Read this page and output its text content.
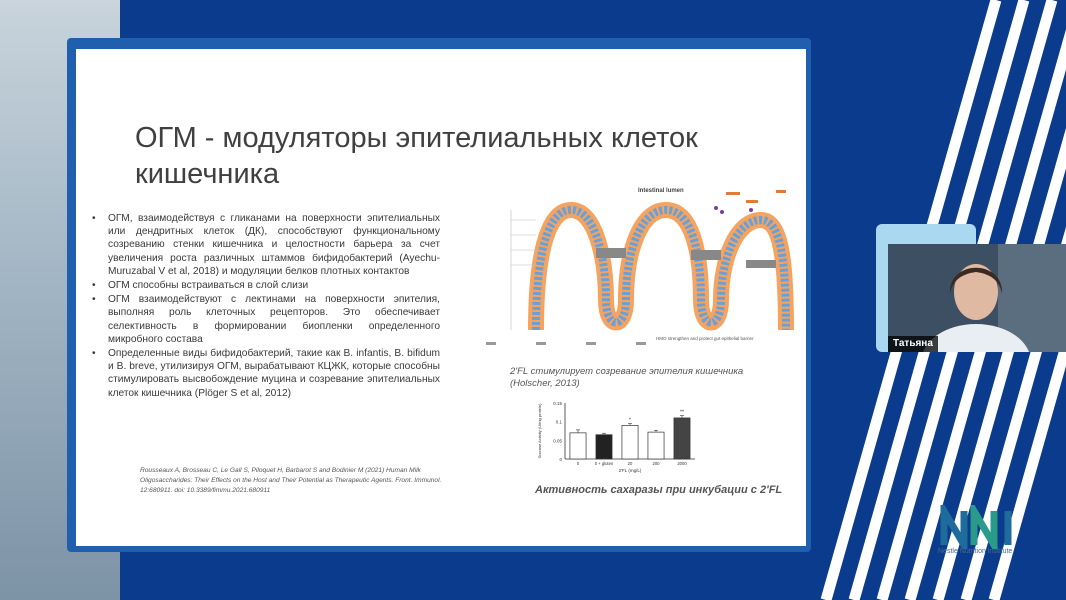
ОГМ - модуляторы эпителиальных клеток кишечника
• ОГМ, взаимодействуя с гликанами на поверхности эпителиальных или дендритных клеток (ДК), способствуют функциональному созреванию стенки кишечника и целостности барьера за счет увеличения роста различных штаммов бифидобактерий (Ayechu-Muruzabal V et al, 2018) и модуляции белков плотных контактов
• ОГМ способны встраиваться в слой слизи
• ОГМ взаимодействуют с лектинами на поверхности эпителия, выполняя роль клеточных рецепторов. Это обеспечивает селективность в формировании биопленки определенного микробного состава
• Определенные виды бифидобактерий, такие как B. infantis, B. bifidum и B. breve, утилизируя ОГМ, вырабатывают КЦЖК, которые способны стимулировать высвобождение муцина и созревание эпителиальных клеток кишечника (Plöger S et al, 2012)
Rousseaux A, Brosseau C, Le Gall S, Piloquet H, Barbarot S and Bodinier M (2021) Human Milk Oligosaccharides: Their Effects on the Host and Their Potential as Therapeutic Agents. Front. Immunol. 12:680911. doi: 10.3389/fimmu.2021.680911
Intestinal lumen
HMO strengthen and protect gut epithelial barrier
2'FL стимулирует созревание эпителия кишечника (Holscher, 2013)
0
0.05
0.1
0.15
Sucrase Activity (U/mg protein)
0	0 + gluten
*
20	200
**
2000
2'FL (mg/L)
Активность сахаразы при инкубации с 2'FL
Татьяна
Nestle Nutrition Institute
